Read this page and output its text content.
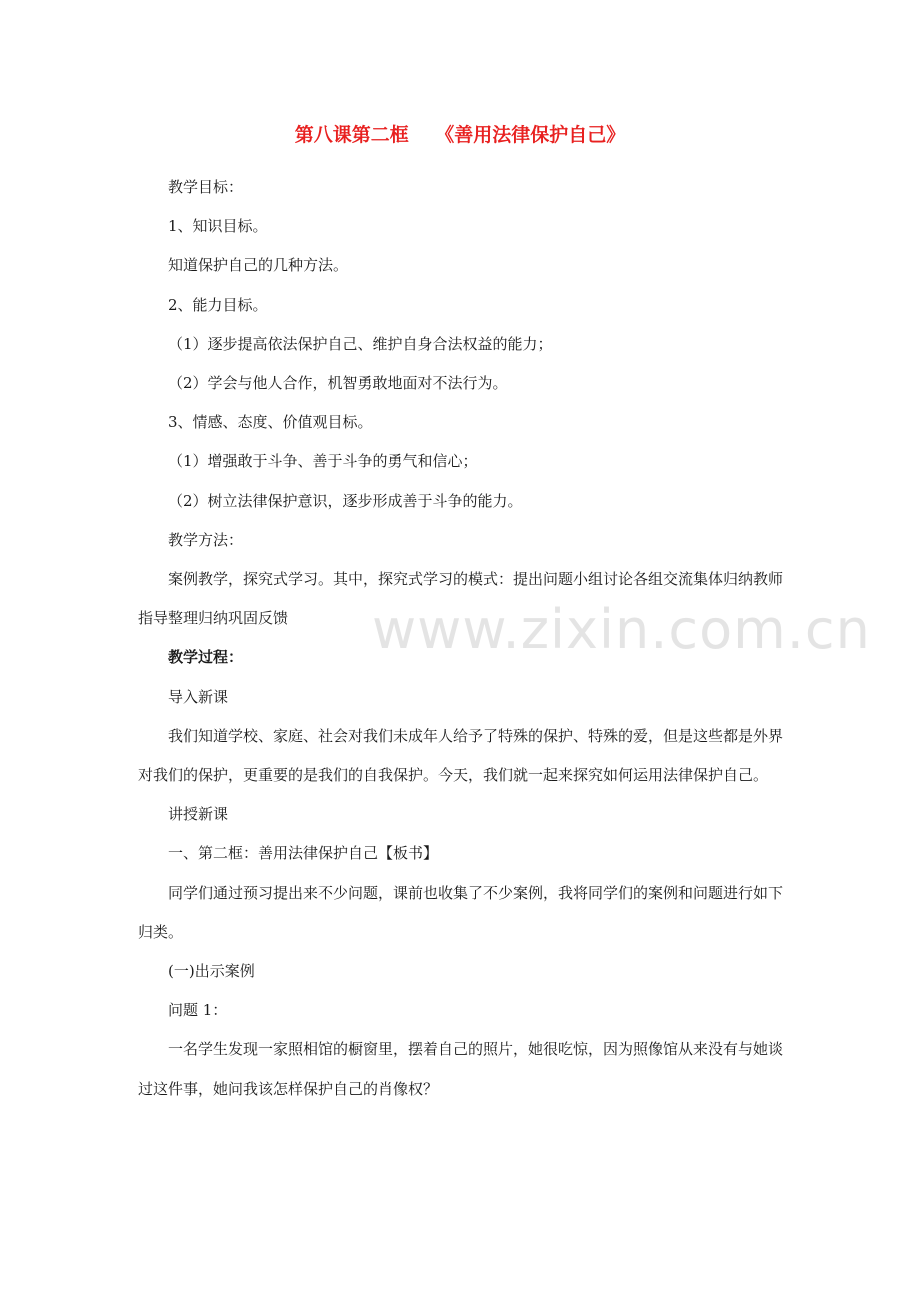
第八课第二框    《善用法律保护自己》
www.zixin.com.cn

教学目标：

1、知识目标。

知道保护自己的几种方法。

2、能力目标。

（1）逐步提高依法保护自己、维护自身合法权益的能力；

（2）学会与他人合作，机智勇敢地面对不法行为。

3、情感、态度、价值观目标。

（1）增强敢于斗争、善于斗争的勇气和信心；

（2）树立法律保护意识，逐步形成善于斗争的能力。

教学方法：

案例教学，探究式学习。其中，探究式学习的模式：提出问题小组讨论各组交流集体归纳教师指导整理归纳巩固反馈

教学过程：

导入新课

我们知道学校、家庭、社会对我们未成年人给予了特殊的保护、特殊的爱，但是这些都是外界对我们的保护，更重要的是我们的自我保护。今天，我们就一起来探究如何运用法律保护自己。

讲授新课

一、第二框：善用法律保护自己【板书】

同学们通过预习提出来不少问题，课前也收集了不少案例，我将同学们的案例和问题进行如下归类。

(一)出示案例

问题 1：

一名学生发现一家照相馆的橱窗里，摆着自己的照片，她很吃惊，因为照像馆从来没有与她谈过这件事，她问我该怎样保护自己的肖像权？
